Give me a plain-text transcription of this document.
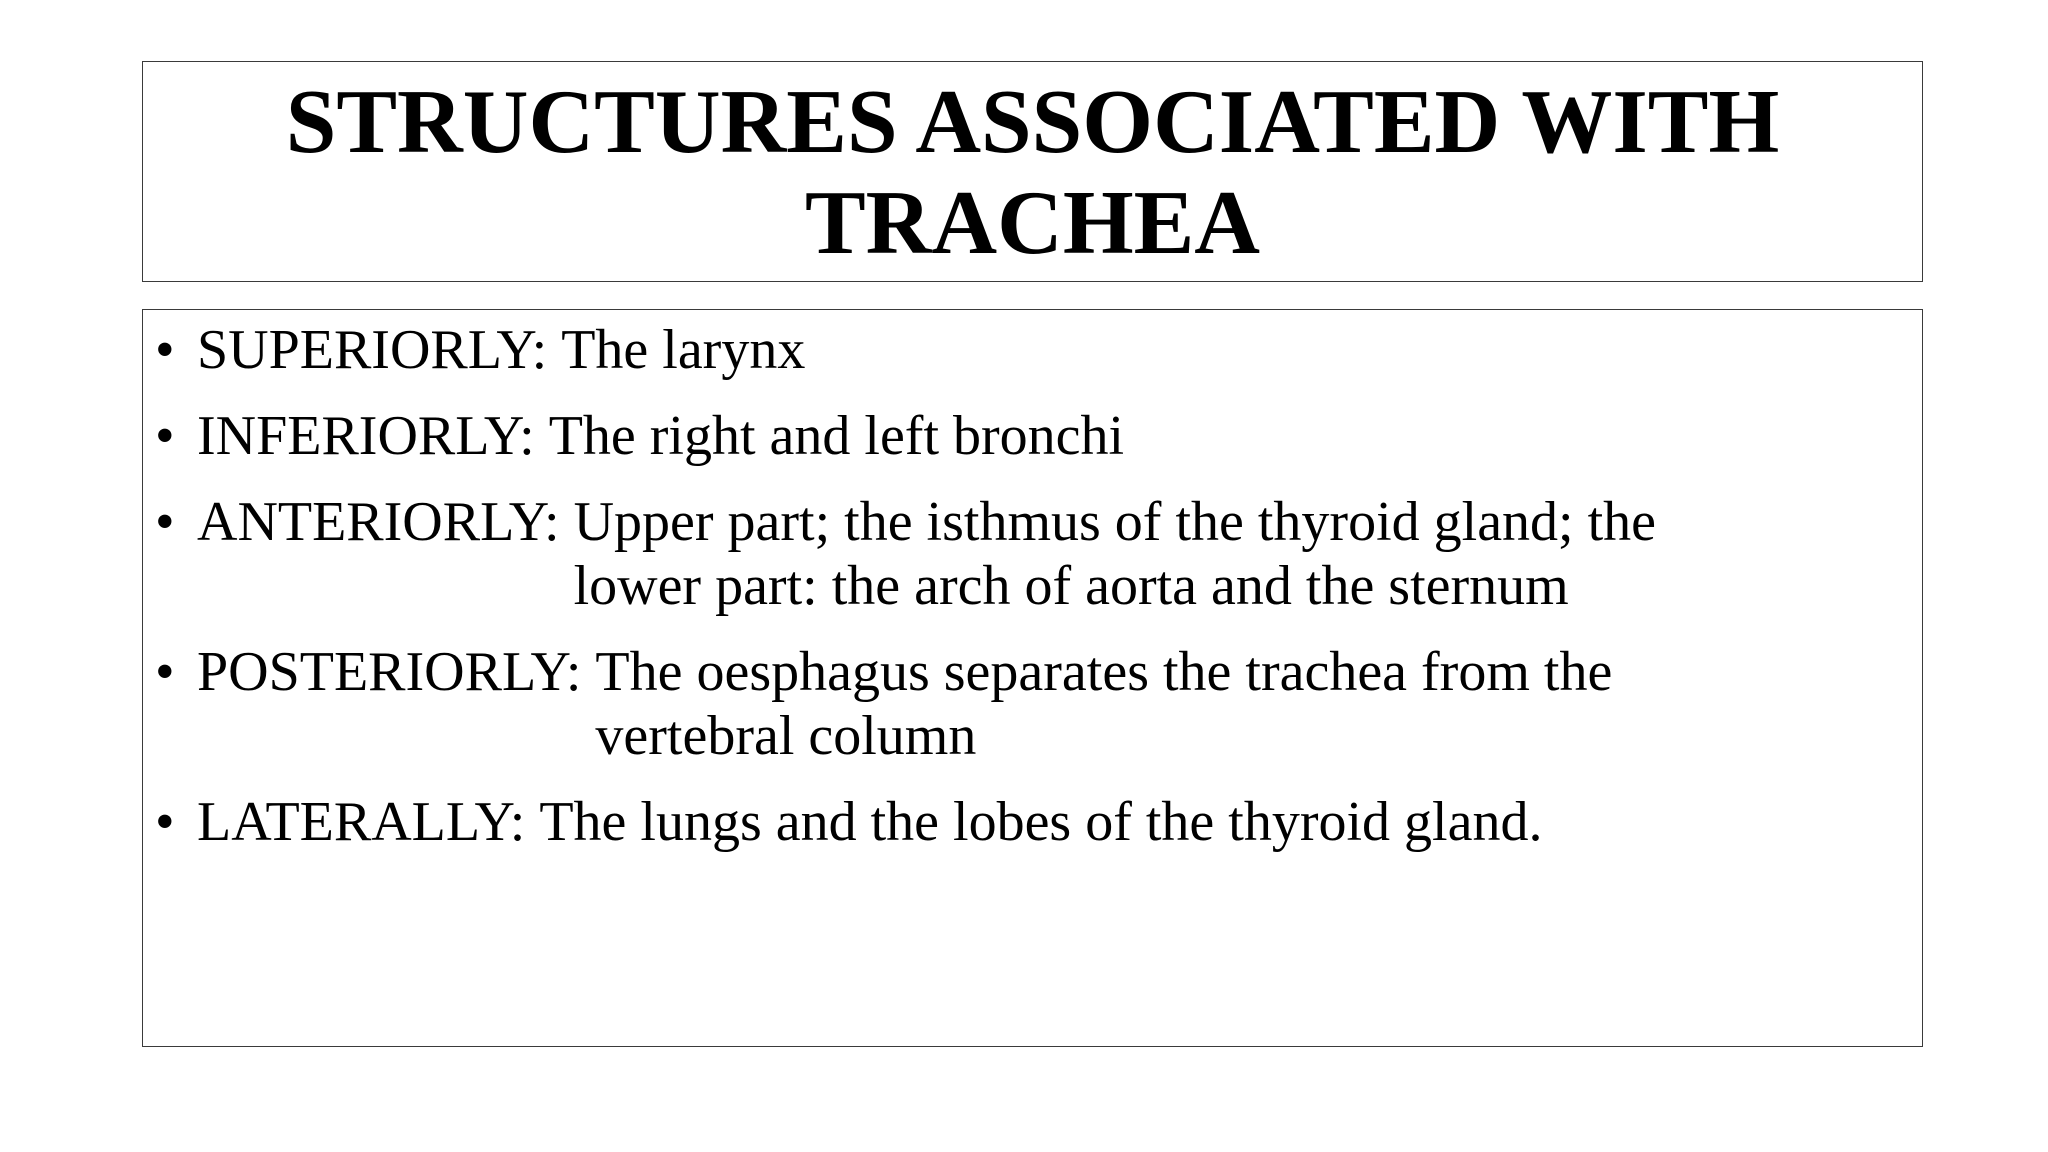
STRUCTURES ASSOCIATED WITH TRACHEA
• SUPERIORLY:
The larynx
• INFERIORLY:
The right and left bronchi
• ANTERIORLY:
Upper part; the isthmus of the thyroid gland; the
lower part: the arch of aorta and the sternum
• POSTERIORLY:
The oesphagus separates the trachea from the
vertebral column
• LATERALLY:
The lungs and the lobes of the thyroid gland.
